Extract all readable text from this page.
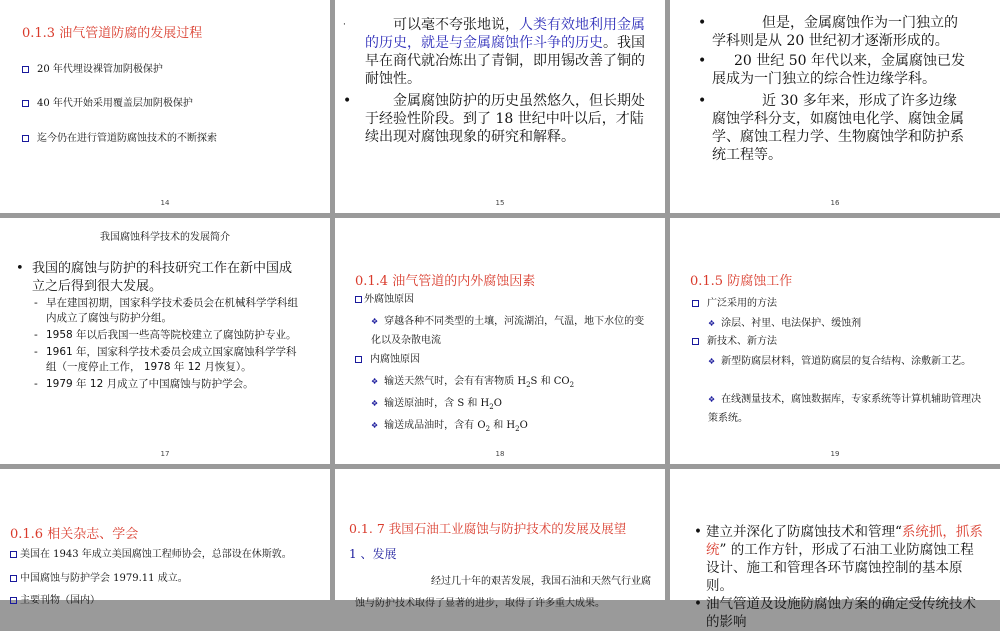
0.1.3 油气管道防腐的发展过程
20 年代埋设裸管加阴极保护
40 年代开始采用覆盖层加阴极保护
迄今仍在进行管道防腐蚀技术的不断探索
14
·	可以毫不夸张地说，人类有效地利用金属的历史，就是与金属腐蚀作斗争的历史。我国早在商代就冶炼出了青铜，即用锡改善了铜的耐蚀性。
•	金属腐蚀防护的历史虽然悠久，但长期处于经验性阶段。到了 18 世纪中叶以后，才陆续出现对腐蚀现象的研究和解释。
15
•	但是，金属腐蚀作为一门独立的学科则是从 20 世纪初才逐渐形成的。
•	20 世纪 50 年代以来，金属腐蚀已发展成为一门独立的综合性边缘学科。
•	近 30 多年来，形成了许多边缘腐蚀学科分支，如腐蚀电化学、腐蚀金属学、腐蚀工程力学、生物腐蚀学和防护系统工程等。
16
我国腐蚀科学技术的发展简介
• 我国的腐蚀与防护的科技研究工作在新中国成立之后得到很大发展。
- 早在建国初期，国家科学技术委员会在机械科学学科组内成立了腐蚀与防护分组。
- 1958 年以后我国一些高等院校建立了腐蚀防护专业。
- 1961 年，国家科学技术委员会成立国家腐蚀科学学科组（一度停止工作， 1978 年 12 月恢复）。
- 1979 年 12 月成立了中国腐蚀与防护学会。
17
0.1.4 油气管道的内外腐蚀因素
外腐蚀原因
❖ 穿越各种不同类型的土壤，河流湖泊，气温，地下水位的变化以及杂散电流
内腐蚀原因
❖ 输送天然气时，会有有害物质 $H_2S$ 和 $CO_2$
❖ 输送原油时，含 S 和 $H_2O$
❖ 输送成品油时，含有 $O_2$ 和 $H_2O$
18
0.1.5 防腐蚀工作
广泛采用的方法
❖ 涂层、衬里、电法保护、缓蚀剂
新技术、新方法
❖ 新型防腐层材料，管道防腐层的复合结构、涂敷新工艺。
❖ 在线测量技术，腐蚀数据库，专家系统等计算机辅助管理决策系统。
19
0.1.6 相关杂志、学会
美国在 1943 年成立美国腐蚀工程师协会，总部设在休斯敦。
中国腐蚀与防护学会 1979.11 成立。
主要刊物（国内）
0.1. 7 我国石油工业腐蚀与防护技术的发展及展望
1 、发展
经过几十年的艰苦发展，我国石油和天然气行业腐蚀与防护技术取得了显著的进步，取得了许多重大成果。
• 建立并深化了防腐蚀技术和管理“系统抓，抓系统” 的工作方针，形成了石油工业防腐蚀工程设计、施工和管理各环节腐蚀控制的基本原则。
• 油气管道及设施防腐蚀方案的确定受传统技术的影响
